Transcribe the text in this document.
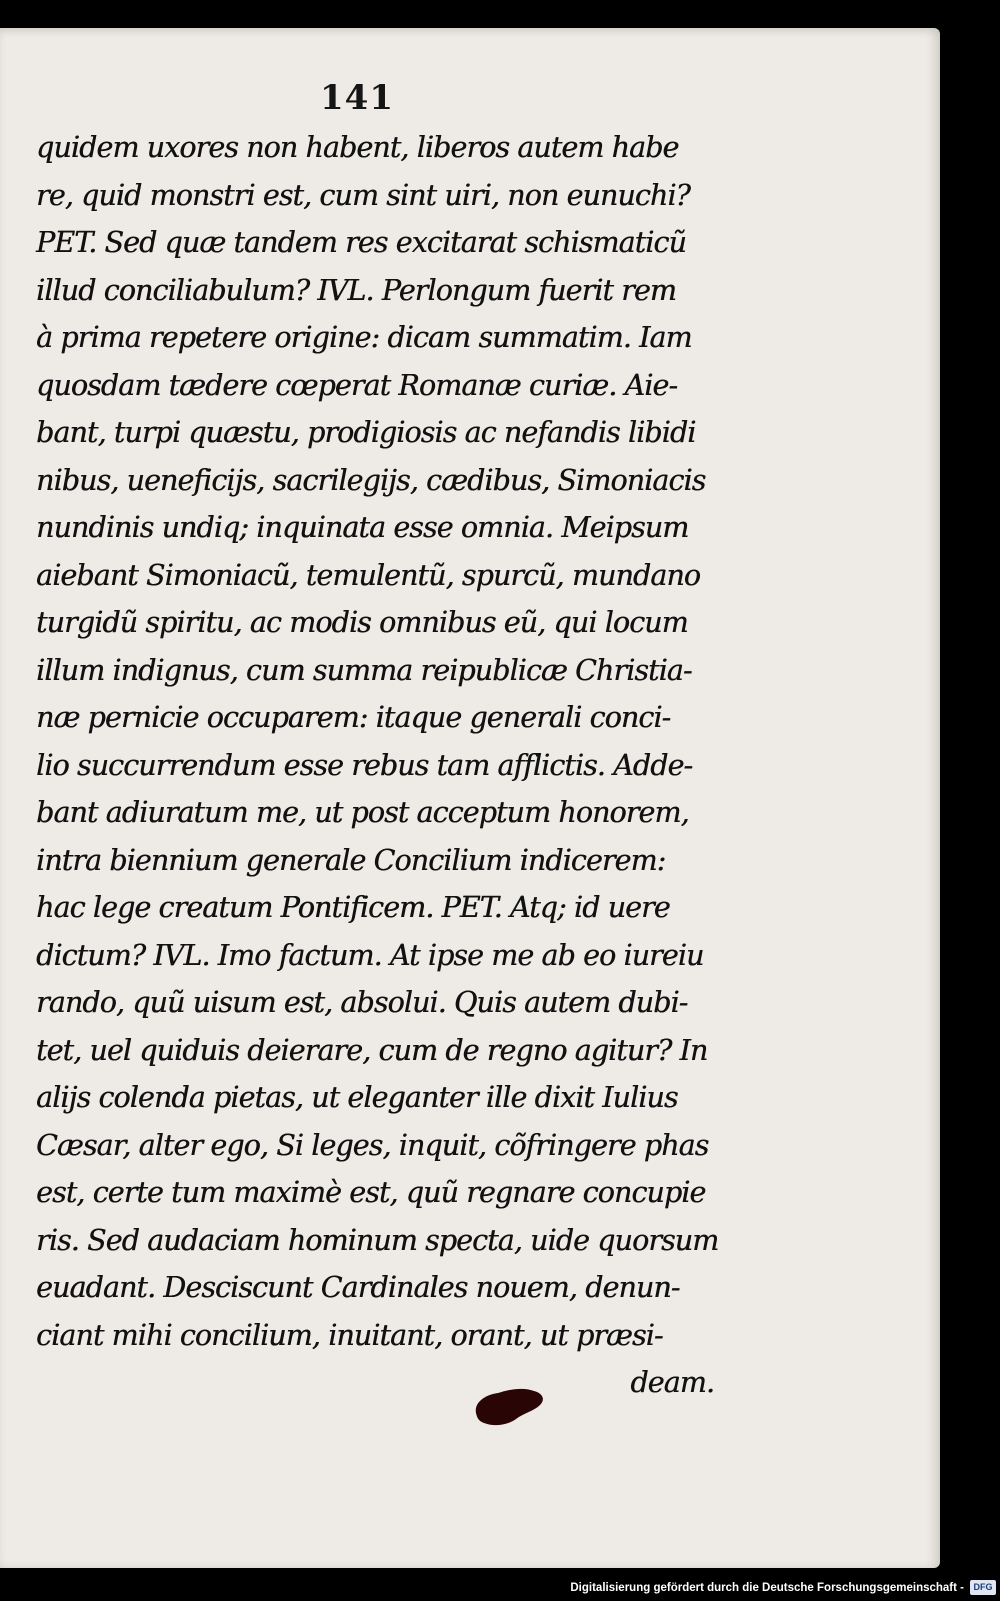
141
quidem uxores non habent, liberos autem habe
re, quid monstri est, cum sint uiri, non eunuchi?
PET. Sed quæ tandem res excitarat schismaticũ
illud conciliabulum? IVL. Perlongum fuerit rem
à prima repetere origine: dicam summatim. Iam
quosdam tædere cœperat Romanæ curiæ. Aie-
bant, turpi quæstu, prodigiosis ac nefandis libidi
nibus, ueneficijs, sacrilegijs, cædibus, Simoniacis
nundinis undiq; inquinata esse omnia. Meipsum
aiebant Simoniacũ, temulentũ, spurcũ, mundano
turgidũ spiritu, ac modis omnibus eũ, qui locum
illum indignus, cum summa reipublicæ Christia-
næ pernicie occuparem: itaque generali conci-
lio succurrendum esse rebus tam afflictis. Adde-
bant adiuratum me, ut post acceptum honorem,
intra biennium generale Concilium indicerem:
hac lege creatum Pontificem. PET. Atq; id uere
dictum? IVL. Imo factum. At ipse me ab eo iureiu
rando, quũ uisum est, absolui. Quis autem dubi-
tet, uel quiduis deierare, cum de regno agitur? In
alijs colenda pietas, ut eleganter ille dixit Iulius
Cæsar, alter ego, Si leges, inquit, cõfringere phas
est, certe tum maximè est, quũ regnare concupie
ris. Sed audaciam hominum specta, uide quorsum
euadant. Desciscunt Cardinales nouem, denun-
ciant mihi concilium, inuitant, orant, ut præsi-
deam.
Digitalisierung gefördert durch die Deutsche Forschungsgemeinschaft -	DFG
